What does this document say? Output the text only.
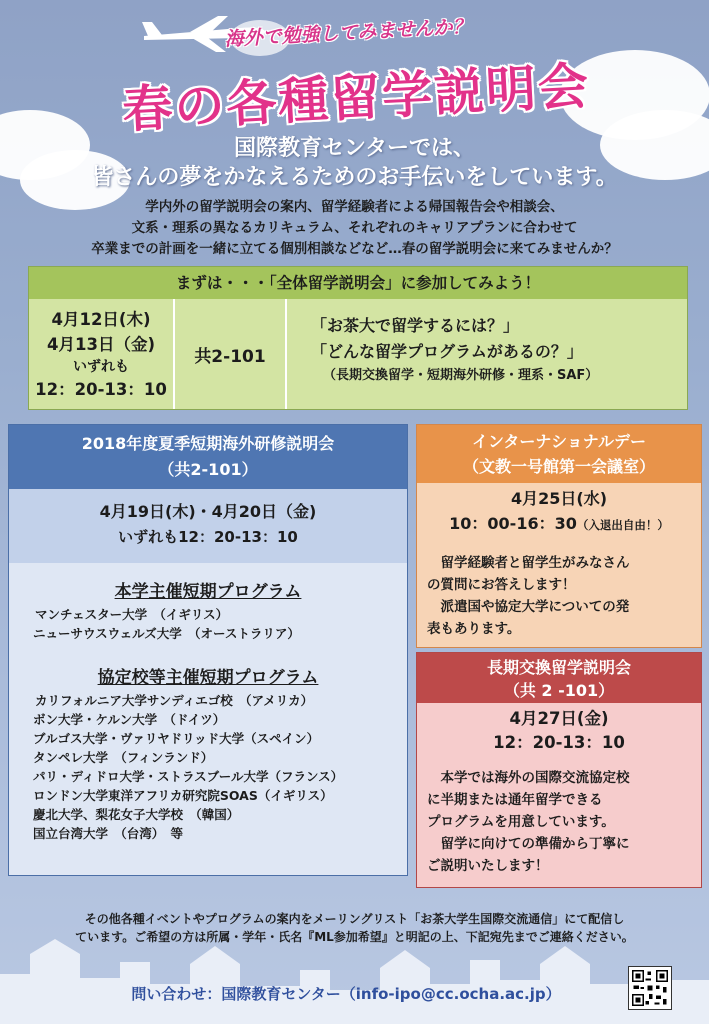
海外で勉強してみませんか？
春の各種留学説明会
国際教育センターでは、
皆さんの夢をかなえるためのお手伝いをしています。
学内外の留学説明会の案内、留学経験者による帰国報告会や相談会、
文系・理系の異なるカリキュラム、それぞれのキャリアプランに合わせて
卒業までの計画を一緒に立てる個別相談などなど…春の留学説明会に来てみませんか？
まずは・・・「全体留学説明会」に参加してみよう！
4月12日(木)
4月13日（金)
いずれも
12：20-13：10
共2-101
「お茶大で留学するには？」
「どんな留学プログラムがあるの？」
（長期交換留学・短期海外研修・理系・SAF）
2018年度夏季短期海外研修説明会
（共2-101）
4月19日(木)・4月20日（金)
いずれも12：20-13：10
本学主催短期プログラム
マンチェスター大学　（イギリス）
ニューサウスウェルズ大学　（オーストラリア）
協定校等主催短期プログラム
カリフォルニア大学サンディエゴ校　（アメリカ）
ボン大学・ケルン大学　（ドイツ）
ブルゴス大学・ヴァリヤドリッド大学（スペイン）
タンペレ大学　（フィンランド）
パリ・ディドロ大学・ストラスブール大学（フランス）
ロンドン大学東洋アフリカ研究院SOAS（イギリス）
慶北大学、梨花女子大学校　（韓国）
国立台湾大学　（台湾）　等
インターナショナルデー
（文教一号館第一会議室）
4月25日(水)
10：00-16：30（入退出自由！）
　留学経験者と留学生がみなさん
の質問にお答えします！
　派遣国や協定大学についての発
表もあります。
長期交換留学説明会
（共 2 -101）
4月27日(金)
12：20-13：10
　本学では海外の国際交流協定校
に半期または通年留学できる
プログラムを用意しています。
　留学に向けての準備から丁寧に
ご説明いたします！
その他各種イベントやプログラムの案内をメーリングリスト「お茶大学生国際交流通信」にて配信し
ています。ご希望の方は所属・学年・氏名『ML参加希望』と明記の上、下記宛先までご連絡ください。
問い合わせ：国際教育センター（info-ipo@cc.ocha.ac.jp）
